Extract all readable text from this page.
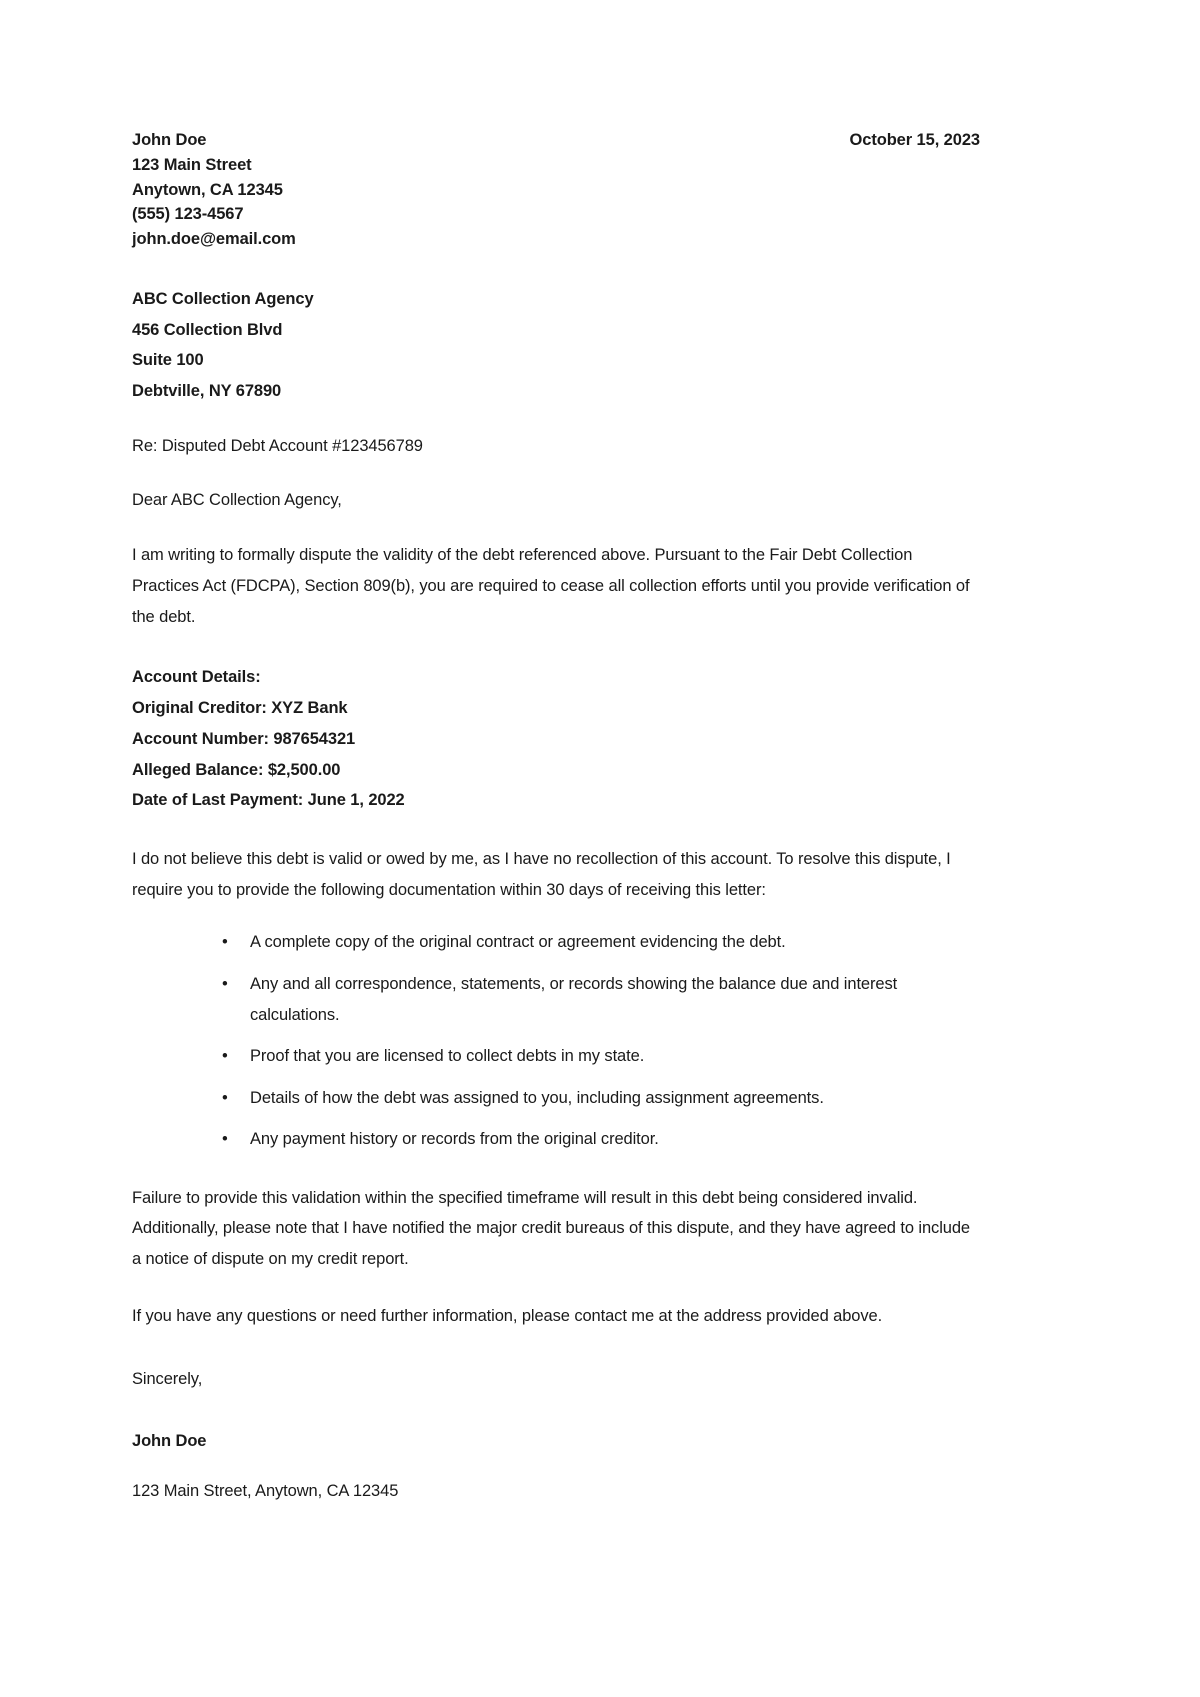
John Doe
123 Main Street
Anytown, CA 12345
(555) 123-4567
john.doe@email.com
October 15, 2023
ABC Collection Agency
456 Collection Blvd
Suite 100
Debtville, NY 67890
Re: Disputed Debt Account #123456789
Dear ABC Collection Agency,
I am writing to formally dispute the validity of the debt referenced above. Pursuant to the Fair Debt Collection Practices Act (FDCPA), Section 809(b), you are required to cease all collection efforts until you provide verification of the debt.
Account Details:
Original Creditor: XYZ Bank
Account Number: 987654321
Alleged Balance: $2,500.00
Date of Last Payment: June 1, 2022
I do not believe this debt is valid or owed by me, as I have no recollection of this account. To resolve this dispute, I require you to provide the following documentation within 30 days of receiving this letter:
•	A complete copy of the original contract or agreement evidencing the debt.
•	Any and all correspondence, statements, or records showing the balance due and interest calculations.
•	Proof that you are licensed to collect debts in my state.
•	Details of how the debt was assigned to you, including assignment agreements.
•	Any payment history or records from the original creditor.
Failure to provide this validation within the specified timeframe will result in this debt being considered invalid. Additionally, please note that I have notified the major credit bureaus of this dispute, and they have agreed to include a notice of dispute on my credit report.
If you have any questions or need further information, please contact me at the address provided above.
Sincerely,
John Doe
123 Main Street, Anytown, CA 12345
